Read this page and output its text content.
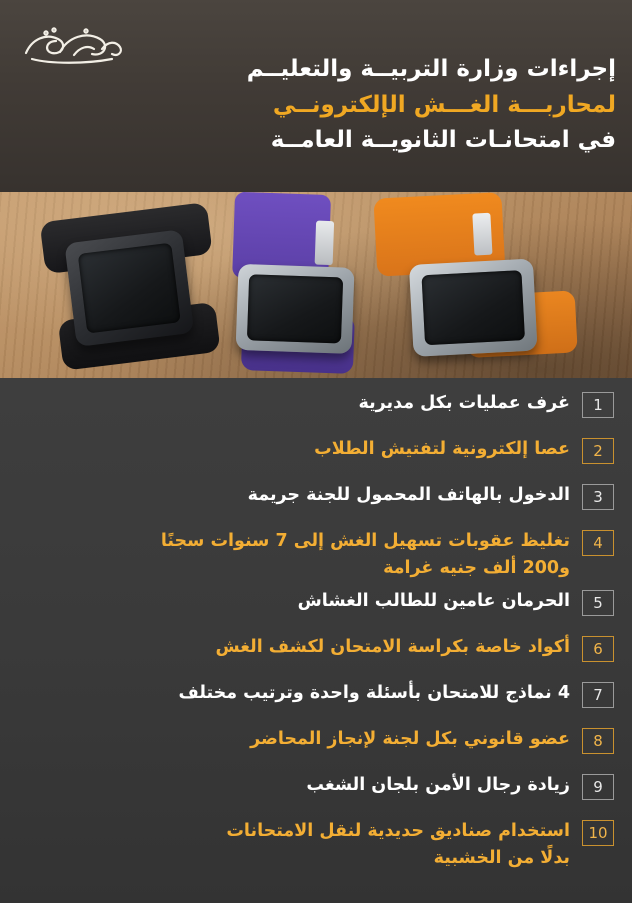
إجراءات وزارة التربيــة والتعليــم
لمحاربـــة الغـــش الإلكترونــي
في امتحانـات الثانويــة العامــة
1
غرف عمليات بكل مديرية
2
عصا إلكترونية لتفتيش الطلاب
3
الدخول بالهاتف المحمول للجنة جريمة
4
تغليظ عقوبات تسهيل الغش إلى 7 سنوات سجنًا
و200 ألف جنيه غرامة
5
الحرمان عامين للطالب الغشاش
6
أكواد خاصة بكراسة الامتحان لكشف الغش
7
4 نماذج للامتحان بأسئلة واحدة وترتيب مختلف
8
عضو قانوني بكل لجنة لإنجاز المحاضر
9
زيادة رجال الأمن بلجان الشغب
10
استخدام صناديق حديدية لنقل الامتحانات
بدلًا من الخشبية
